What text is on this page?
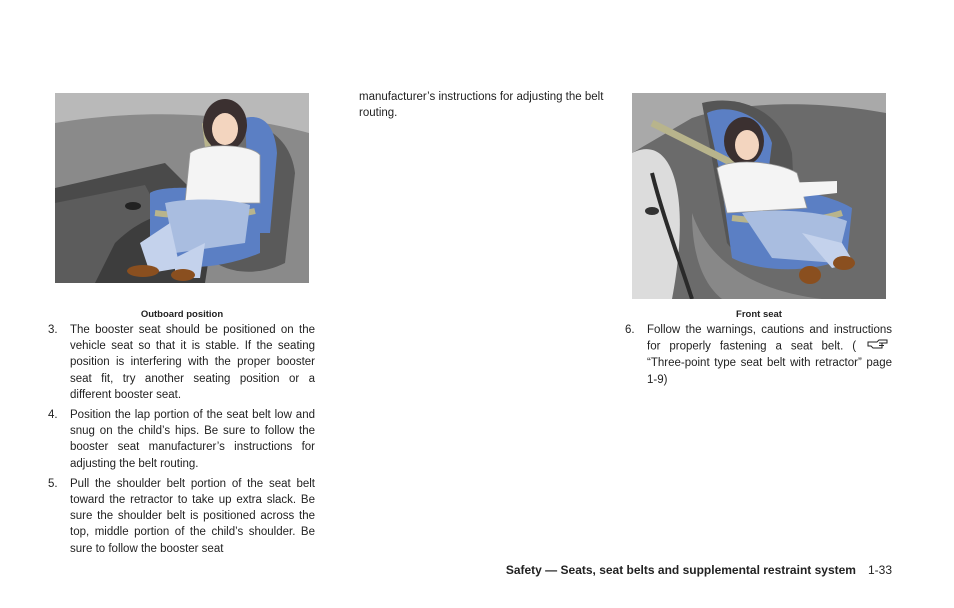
Outboard position
3. The booster seat should be positioned on the vehicle seat so that it is stable. If the seating position is interfering with the proper booster seat fit, try another seating position or a different booster seat.
4. Position the lap portion of the seat belt low and snug on the child’s hips. Be sure to follow the booster seat manufacturer’s instructions for adjusting the belt routing.
5. Pull the shoulder belt portion of the seat belt toward the retractor to take up extra slack. Be sure the shoulder belt is positioned across the top, middle portion of the child’s shoulder. Be sure to follow the booster seat
manufacturer’s instructions for adjusting the belt routing.
Front seat
6. Follow the warnings, cautions and instructions for properly fastening a seat belt. (  “Three-point type seat belt with retractor” page 1-9)
Safety — Seats, seat belts and supplemental restraint system 1-33
